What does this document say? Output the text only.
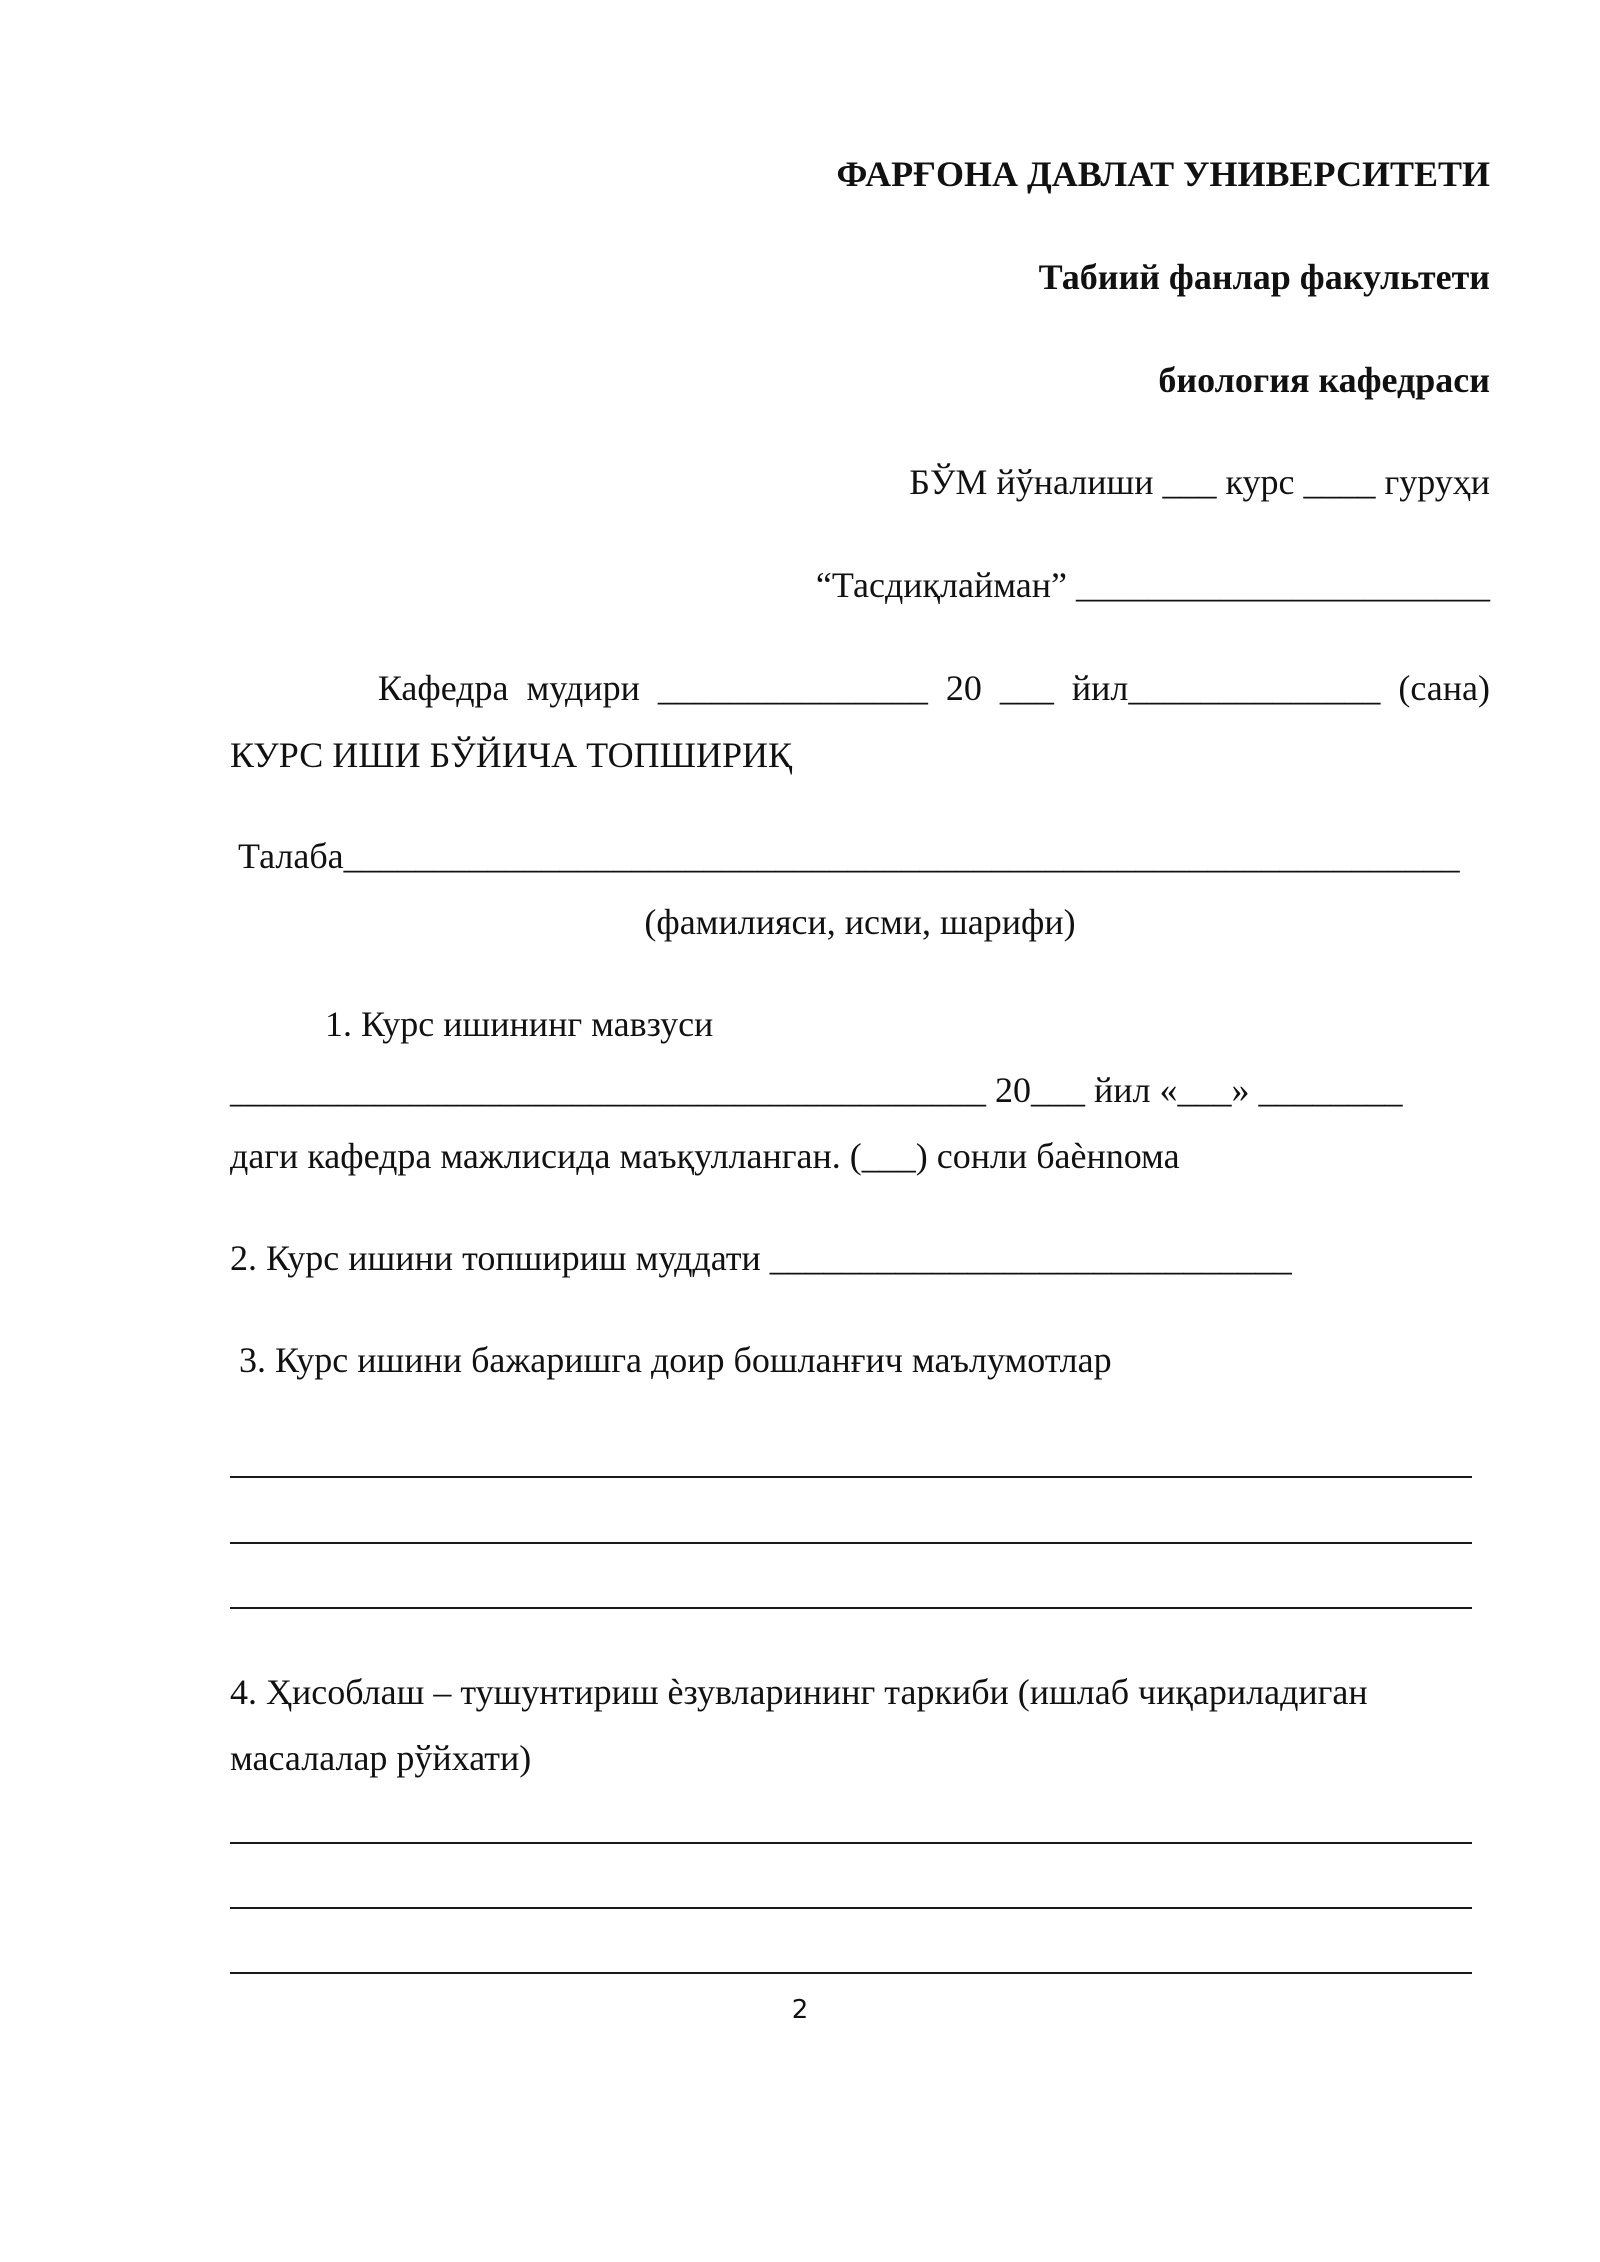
ФАРҒОНА ДАВЛАТ УНИВЕРСИТЕТИ
Табиий фанлар факультети
биология кафедраси
БЎМ йўналиши ___ курс ____ гуруҳи
“Тасдиқлайман” _______________________
Кафедра  мудири  _______________  20  ___  йил______________  (сана)
КУРС ИШИ БЎЙИЧА ТОПШИРИҚ
Талаба______________________________________________________________
(фамилияси, исми, шарифи)
1. Курс ишининг мавзуси
__________________________________________ 20___ йил «___» ________
даги кафедра мажлисида маъқулланган. (___) сонли баѐнnома
2. Курс ишини топшириш муддати _____________________________
3. Курс ишини бажаришга доир бошланғич маълумотлар
4. Ҳисоблаш – тушунтириш ѐзувларининг таркиби (ишлаб чиқариладиган
масалалар рўйхати)
2
